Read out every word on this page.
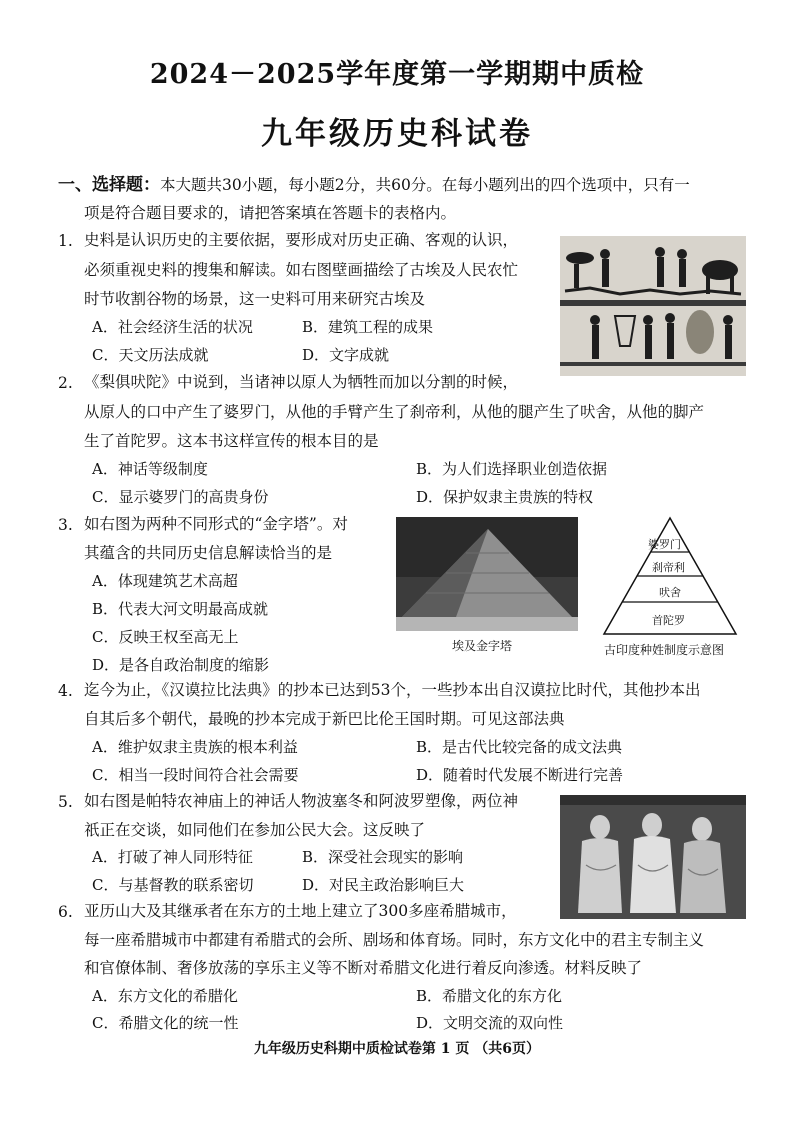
2024－2025学年度第一学期期中质检
九年级历史科试卷
一、选择题：本大题共30小题，每小题2分，共60分。在每小题列出的四个选项中，只有一
项是符合题目要求的，请把答案填在答题卡的表格内。
1. 史料是认识历史的主要依据，要形成对历史正确、客观的认识，
必须重视史料的搜集和解读。如右图壁画描绘了古埃及人民农忙
时节收割谷物的场景，这一史料可用来研究古埃及
A．社会经济生活的状况	B．建筑工程的成果
C．天文历法成就	D．文字成就
2. 《梨俱吠陀》中说到，当诸神以原人为牺牲而加以分割的时候，
从原人的口中产生了婆罗门，从他的手臂产生了刹帝利，从他的腿产生了吠舍，从他的脚产
生了首陀罗。这本书这样宣传的根本目的是
A．神话等级制度	B．为人们选择职业创造依据
C．显示婆罗门的高贵身份	D．保护奴隶主贵族的特权
3. 如右图为两种不同形式的“金字塔”。对
其蕴含的共同历史信息解读恰当的是
A．体现建筑艺术高超
B．代表大河文明最高成就
C．反映王权至高无上
D．是各自政治制度的缩影
埃及金字塔
婆罗门
刹帝利
吠舍
首陀罗
古印度种姓制度示意图
4. 迄今为止，《汉谟拉比法典》的抄本已达到53个，一些抄本出自汉谟拉比时代，其他抄本出
自其后多个朝代，最晚的抄本完成于新巴比伦王国时期。可见这部法典
A．维护奴隶主贵族的根本利益	B．是古代比较完备的成文法典
C．相当一段时间符合社会需要	D．随着时代发展不断进行完善
5. 如右图是帕特农神庙上的神话人物波塞冬和阿波罗塑像，两位神
祇正在交谈，如同他们在参加公民大会。这反映了
A．打破了神人同形特征	B．深受社会现实的影响
C．与基督教的联系密切	D．对民主政治影响巨大
6. 亚历山大及其继承者在东方的土地上建立了300多座希腊城市，
每一座希腊城市中都建有希腊式的会所、剧场和体育场。同时，东方文化中的君主专制主义
和官僚体制、奢侈放荡的享乐主义等不断对希腊文化进行着反向渗透。材料反映了
A．东方文化的希腊化	B．希腊文化的东方化
C．希腊文化的统一性	D．文明交流的双向性
九年级历史科期中质检试卷第 1 页 （共6页）
